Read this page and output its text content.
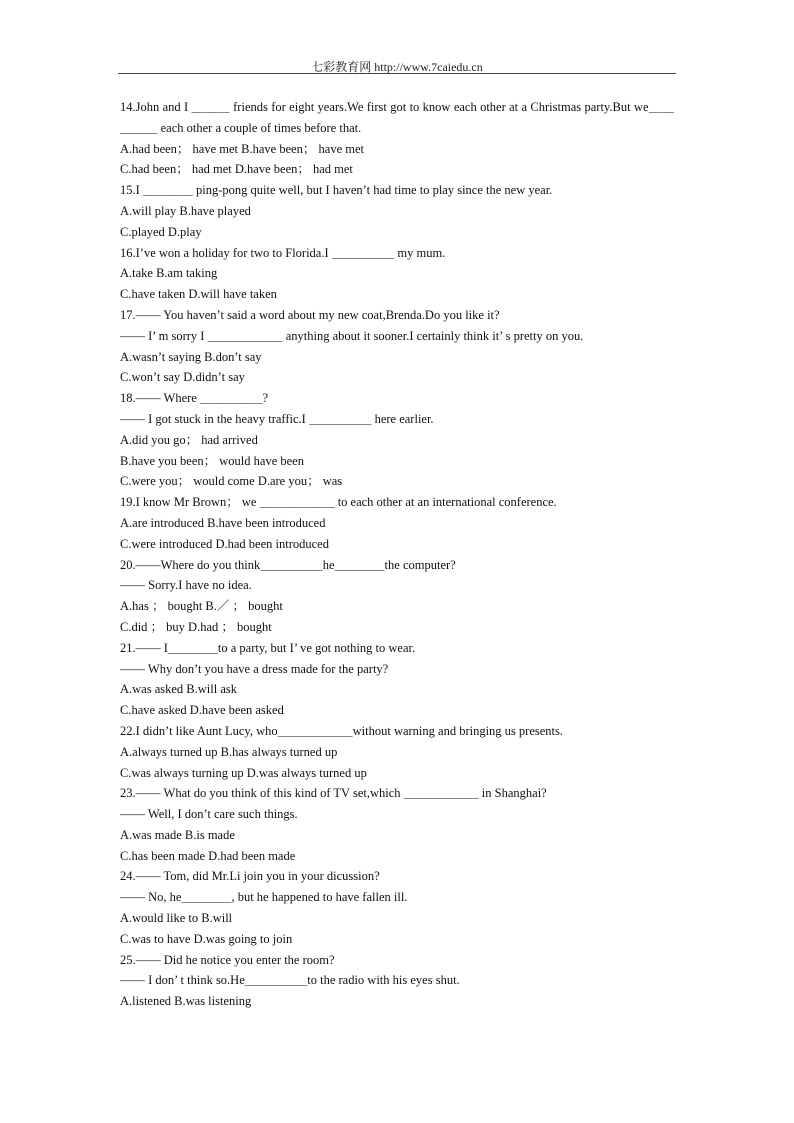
七彩教育网 http://www.7caiedu.cn
14.John and I ＿＿＿ friends for eight years.We first got to know each other at a Christmas party.But we＿＿＿＿＿ each other a couple of times before that.
A.had been； have met B.have been； have met
C.had been； had met D.have been； had met
15.I ＿＿＿＿ ping-pong quite well, but I haven’t had time to play since the new year.
A.will play B.have played
C.played D.play
16.I’ve won a holiday for two to Florida.I ＿＿＿＿＿ my mum.
A.take B.am taking
C.have taken D.will have taken
17.—— You haven’t said a word about my new coat,Brenda.Do you like it?
—— I’ m sorry I ＿＿＿＿＿＿ anything about it sooner.I certainly think it’ s pretty on you.
A.wasn’t saying B.don’t say
C.won’t say D.didn’t say
18.—— Where ＿＿＿＿＿?
—— I got stuck in the heavy traffic.I ＿＿＿＿＿ here earlier.
A.did you go； had arrived
B.have you been； would have been
C.were you； would come D.are you； was
19.I know Mr Brown； we ＿＿＿＿＿＿ to each other at an international conference.
A.are introduced B.have been introduced
C.were introduced D.had been introduced
20.——Where do you think＿＿＿＿＿he＿＿＿＿the computer?
—— Sorry.I have no idea.
A.has ； bought B.／ ； bought
C.did ； buy D.had ； bought
21.—— I＿＿＿＿to a party, but I’ ve got nothing to wear.
—— Why don’t you have a dress made for the party?
A.was asked B.will ask
C.have asked D.have been asked
22.I didn’t like Aunt Lucy, who＿＿＿＿＿＿without warning and bringing us presents.
A.always turned up B.has always turned up
C.was always turning up D.was always turned up
23.—— What do you think of this kind of TV set,which ＿＿＿＿＿＿ in Shanghai?
—— Well, I don’t care such things.
A.was made B.is made
C.has been made D.had been made
24.—— Tom, did Mr.Li join you in your dicussion?
—— No, he＿＿＿＿, but he happened to have fallen ill.
A.would like to B.will
C.was to have D.was going to join
25.—— Did he notice you enter the room?
—— I don’ t think so.He＿＿＿＿＿to the radio with his eyes shut.
A.listened B.was listening
